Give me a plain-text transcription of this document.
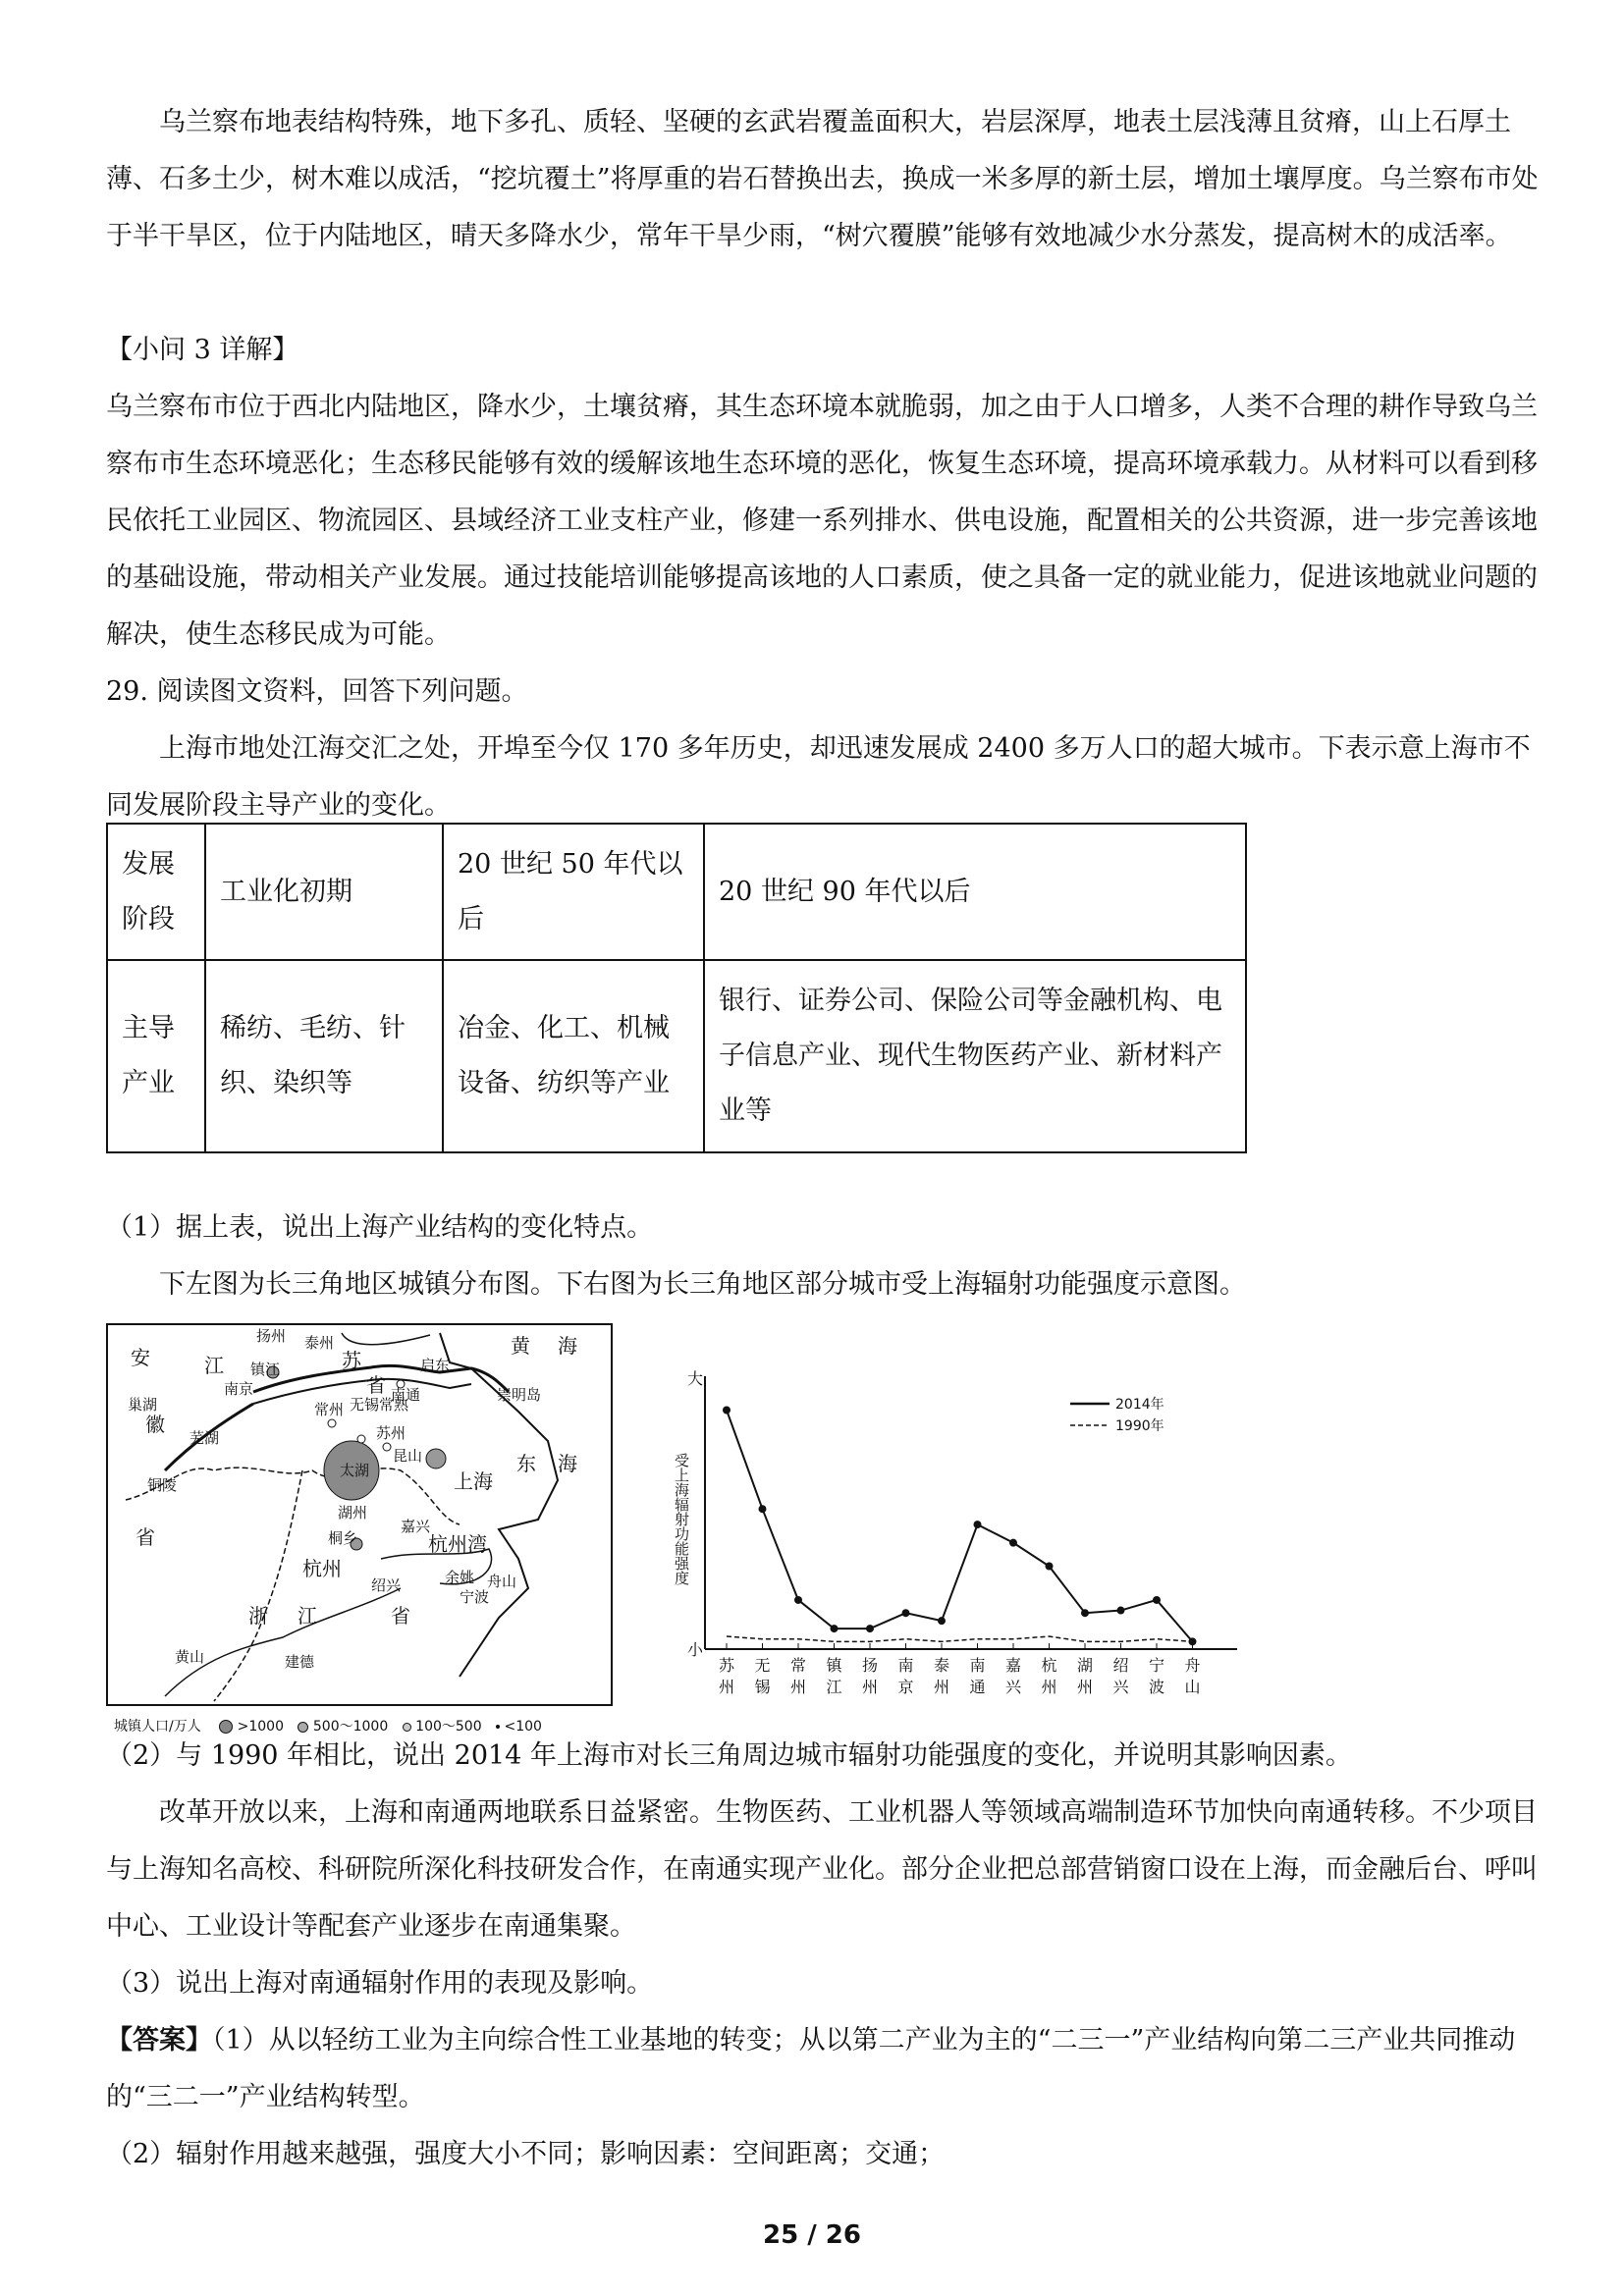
乌兰察布地表结构特殊，地下多孔、质轻、坚硬的玄武岩覆盖面积大，岩层深厚，地表土层浅薄且贫瘠，山上石厚土薄、石多土少，树木难以成活，“挖坑覆土”将厚重的岩石替换出去，换成一米多厚的新土层，增加土壤厚度。乌兰察布市处于半干旱区，位于内陆地区，晴天多降水少，常年干旱少雨，“树穴覆膜”能够有效地减少水分蒸发，提高树木的成活率。

【小问 3 详解】

乌兰察布市位于西北内陆地区，降水少，土壤贫瘠，其生态环境本就脆弱，加之由于人口增多，人类不合理的耕作导致乌兰察布市生态环境恶化；生态移民能够有效的缓解该地生态环境的恶化，恢复生态环境，提高环境承载力。从材料可以看到移民依托工业园区、物流园区、县域经济工业支柱产业，修建一系列排水、供电设施，配置相关的公共资源，进一步完善该地的基础设施，带动相关产业发展。通过技能培训能够提高该地的人口素质，使之具备一定的就业能力，促进该地就业问题的解决，使生态移民成为可能。

29. 阅读图文资料，回答下列问题。

上海市地处江海交汇之处，开埠至今仅 170 多年历史，却迅速发展成 2400 多万人口的超大城市。下表示意上海市不同发展阶段主导产业的变化。

发展阶段	工业化初期	20 世纪 50 年代以后	20 世纪 90 年代以后
主导产业	稀纺、毛纺、针织、染织等	冶金、化工、机械设备、纺织等产业	银行、证券公司、保险公司等金融机构、电子信息产业、现代生物医药产业、新材料产业等

（1）据上表，说出上海产业结构的变化特点。

下左图为长三角地区城镇分布图。下右图为长三角地区部分城市受上海辐射功能强度示意图。

太湖
安
徽
省
江	苏
省
黄 海
东 海
浙 江	省
扬州 泰州
镇江
南京	南通
启东
崇明岛
巢湖
芜湖
铜陵
常州 无锡 常熟
苏州
昆山
上海
湖州
桐乡
嘉兴
杭州湾
杭州
舟山
余姚
绍兴
宁波
黄山	建德
城镇人口/万人	>1000 500～1000 100～500 <100
大
小
受上海辐射功能强度
苏
州
无
锡
常
州
镇
江
扬
州
南
京
泰
州
南
通
嘉
兴
杭
州
湖
州
绍
兴
宁
波
舟
山
2014年
1990年

（2）与 1990 年相比，说出 2014 年上海市对长三角周边城市辐射功能强度的变化，并说明其影响因素。

改革开放以来，上海和南通两地联系日益紧密。生物医药、工业机器人等领域高端制造环节加快向南通转移。不少项目与上海知名高校、科研院所深化科技研发合作，在南通实现产业化。部分企业把总部营销窗口设在上海，而金融后台、呼叫中心、工业设计等配套产业逐步在南通集聚。

（3）说出上海对南通辐射作用的表现及影响。

【答案】（1）从以轻纺工业为主向综合性工业基地的转变；从以第二产业为主的“二三一”产业结构向第二三产业共同推动的“三二一”产业结构转型。

（2）辐射作用越来越强，强度大小不同；影响因素：空间距离；交通；

25 / 26
